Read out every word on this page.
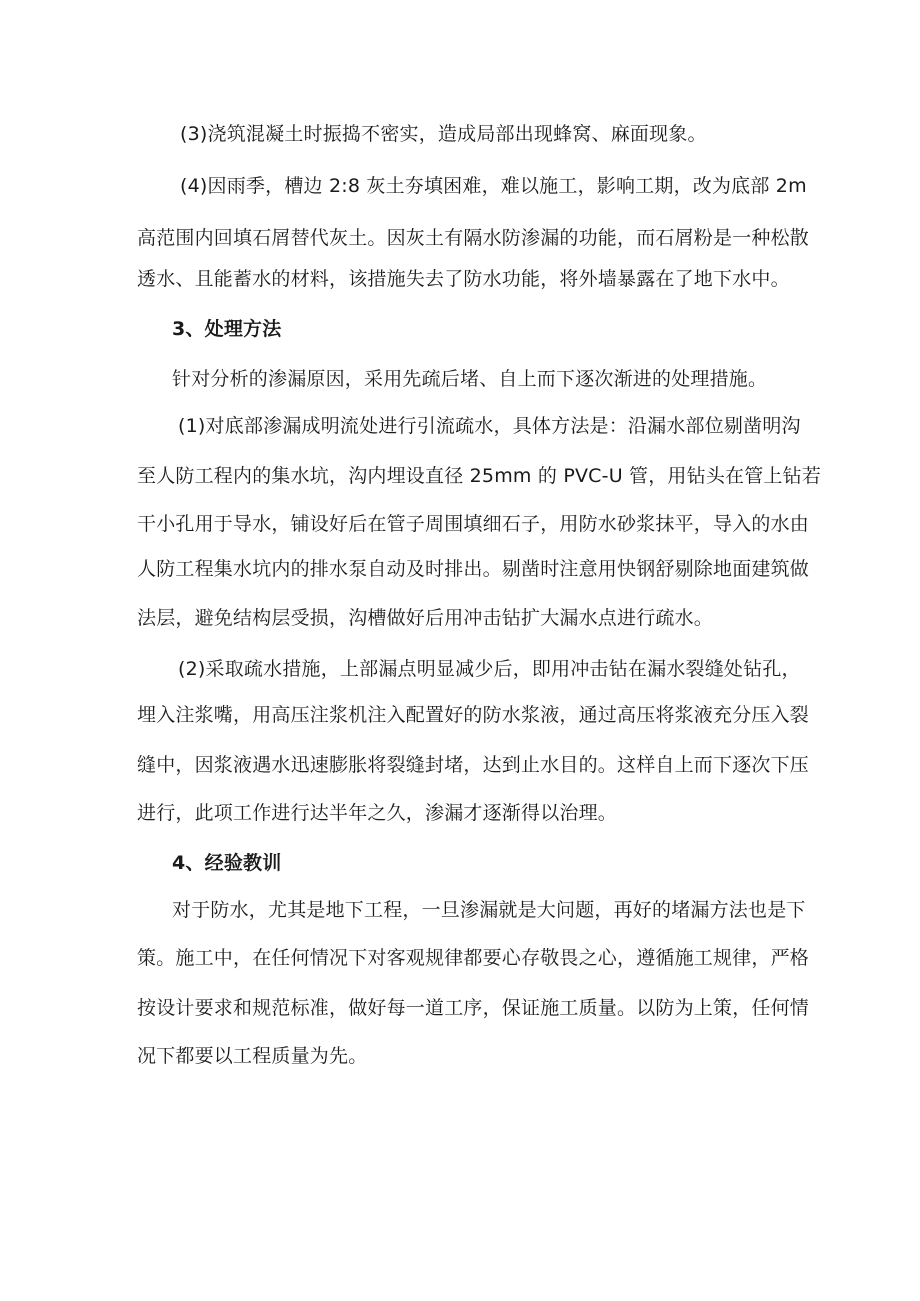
(3)浇筑混凝土时振捣不密实，造成局部出现蜂窝、麻面现象。

(4)因雨季，槽边 2:8 灰土夯填困难，难以施工，影响工期，改为底部 2m

高范围内回填石屑替代灰土。因灰土有隔水防渗漏的功能，而石屑粉是一种松散

透水、且能蓄水的材料，该措施失去了防水功能，将外墙暴露在了地下水中。

3、处理方法

针对分析的渗漏原因，采用先疏后堵、自上而下逐次渐进的处理措施。

(1)对底部渗漏成明流处进行引流疏水，具体方法是：沿漏水部位剔凿明沟

至人防工程内的集水坑，沟内埋设直径 25mm 的 PVC-U 管，用钻头在管上钻若

干小孔用于导水，铺设好后在管子周围填细石子，用防水砂浆抹平，导入的水由

人防工程集水坑内的排水泵自动及时排出。剔凿时注意用快钢舒剔除地面建筑做

法层，避免结构层受损，沟槽做好后用冲击钻扩大漏水点进行疏水。

(2)采取疏水措施，上部漏点明显减少后，即用冲击钻在漏水裂缝处钻孔，

埋入注浆嘴，用高压注浆机注入配置好的防水浆液，通过高压将浆液充分压入裂

缝中，因浆液遇水迅速膨胀将裂缝封堵，达到止水目的。这样自上而下逐次下压

进行，此项工作进行达半年之久，渗漏才逐渐得以治理。

4、经验教训

对于防水，尤其是地下工程，一旦渗漏就是大问题，再好的堵漏方法也是下

策。施工中，在任何情况下对客观规律都要心存敬畏之心，遵循施工规律，严格

按设计要求和规范标准，做好每一道工序，保证施工质量。以防为上策，任何情

况下都要以工程质量为先。
